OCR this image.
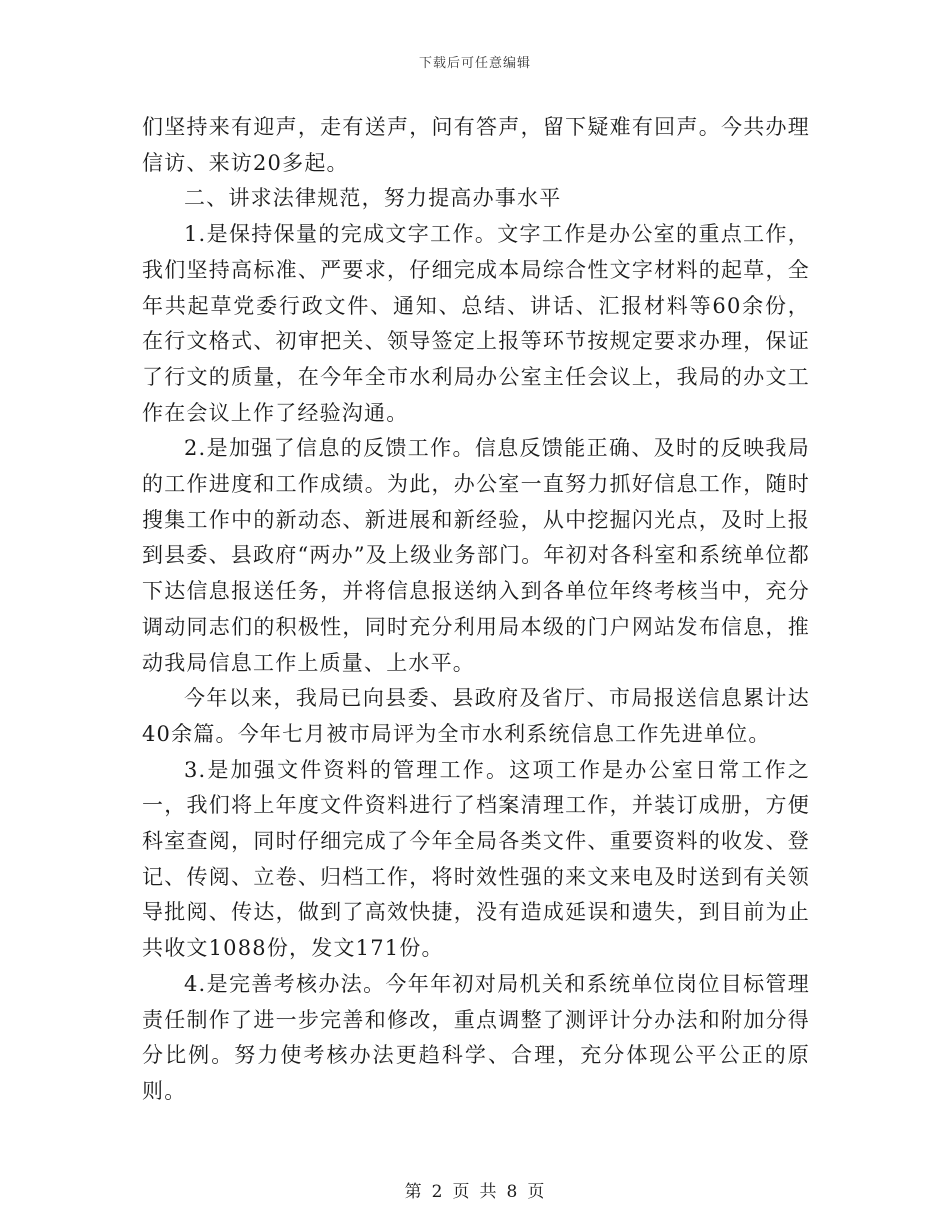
下载后可任意编辑

们坚持来有迎声，走有送声，问有答声，留下疑难有回声。今共办理信访、来访20多起。

二、讲求法律规范，努力提高办事水平

1.是保持保量的完成文字工作。文字工作是办公室的重点工作，我们坚持高标准、严要求，仔细完成本局综合性文字材料的起草，全年共起草党委行政文件、通知、总结、讲话、汇报材料等60余份，在行文格式、初审把关、领导签定上报等环节按规定要求办理，保证了行文的质量，在今年全市水利局办公室主任会议上，我局的办文工作在会议上作了经验沟通。

2.是加强了信息的反馈工作。信息反馈能正确、及时的反映我局的工作进度和工作成绩。为此，办公室一直努力抓好信息工作，随时搜集工作中的新动态、新进展和新经验，从中挖掘闪光点，及时上报到县委、县政府“两办”及上级业务部门。年初对各科室和系统单位都下达信息报送任务，并将信息报送纳入到各单位年终考核当中，充分调动同志们的积极性，同时充分利用局本级的门户网站发布信息，推动我局信息工作上质量、上水平。

今年以来，我局已向县委、县政府及省厅、市局报送信息累计达40余篇。今年七月被市局评为全市水利系统信息工作先进单位。

3.是加强文件资料的管理工作。这项工作是办公室日常工作之一，我们将上年度文件资料进行了档案清理工作，并装订成册，方便科室查阅，同时仔细完成了今年全局各类文件、重要资料的收发、登记、传阅、立卷、归档工作，将时效性强的来文来电及时送到有关领导批阅、传达，做到了高效快捷，没有造成延误和遗失，到目前为止共收文1088份，发文171份。

4.是完善考核办法。今年年初对局机关和系统单位岗位目标管理责任制作了进一步完善和修改，重点调整了测评计分办法和附加分得分比例。努力使考核办法更趋科学、合理，充分体现公平公正的原则。

第 2 页 共 8 页
